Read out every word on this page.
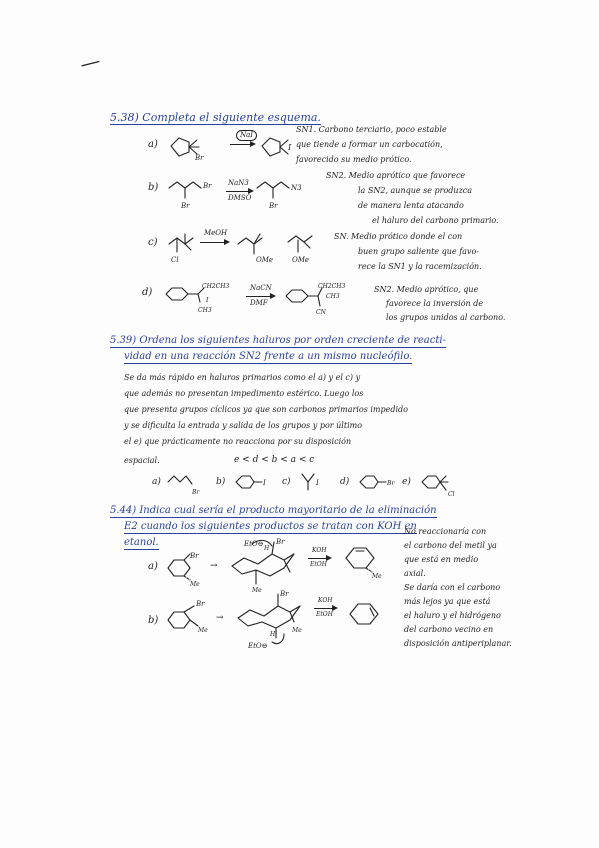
—
5.38) Completa el siguiente esquema.
a)
Br
NaI
I
SN1. Carbono terciario, poco estable
que tiende a formar un carbocatión,
favorecido su medio prótico.
b)	Br
Br
NaN3
DMSO
N3
Br
SN2. Medio aprótico que favorece
la SN2, aunque se produzca
de manera lenta atacando
el haluro del carbono primario.
c)
Cl
MeOH
OMe	OMe
SN. Medio prótico donde el con
buen grupo saliente que favo-
rece la SN1 y la racemización.
d)
CH2CH3
I
CH3
NaCN
DMF
CH2CH3
CH3
CN
SN2. Medio aprótico, que
favorece la inversión de
los grupos unidos al carbono.
5.39) Ordena los siguientes haluros por orden creciente de reacti-
vidad en una reacción SN2 frente a un mismo nucleófilo.
Se da más rápido en haluros primarios como el a) y el c) y
que además no presentan impedimento estérico. Luego los
que presenta grupos cíclicos ya que son carbonos primarios impedido
y se dificulta la entrada y salida de los grupos y por último
el e) que prácticamente no reacciona por su disposición
espacial.	e < d < b < a < c
a)
Br
b)	I c)	I d)	Br e)
Cl
5.44) Indica cual sería el producto mayoritario de la eliminación
E2 cuando los siguientes productos se tratan con KOH en
etanol.
a)
Br
Me
→
EtO⊖ Br
H
Me
KOH
EtOH
Me
No reaccionaría con
el carbono del metil ya
que está en medio
axial.
b)
Br
Me
→
Br
H
Me
EtO⊖
KOH
EtOH
Se daría con el carbono
más lejos ya que está
el haluro y el hidrógeno
del carbono vecino en
disposición antiperiplanar.
